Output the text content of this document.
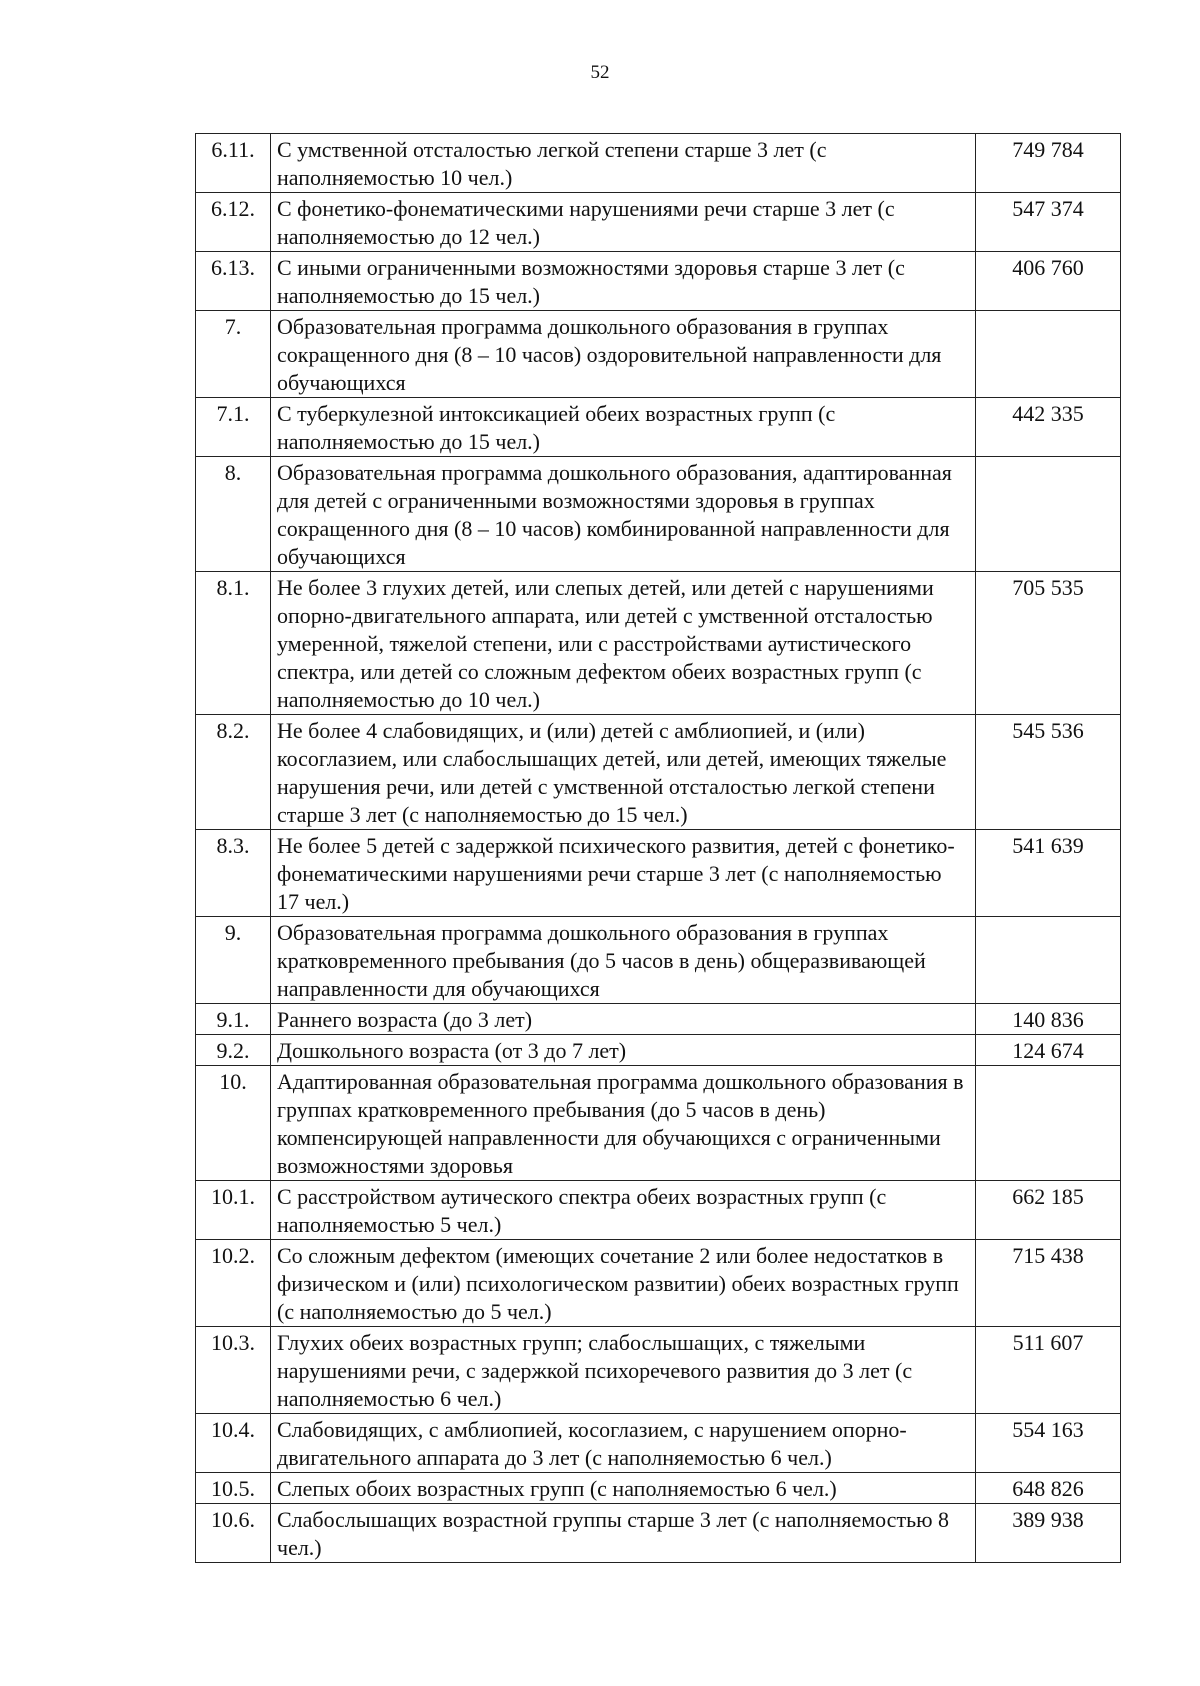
52
6.11.	С умственной отсталостью легкой степени старше 3 лет (с наполняемостью 10 чел.)	749 784
6.12.	С фонетико-фонематическими нарушениями речи старше 3 лет (с наполняемостью до 12 чел.)	547 374
6.13.	С иными ограниченными возможностями здоровья старше 3 лет (с наполняемостью до 15 чел.)	406 760
7.	Образовательная программа дошкольного образования в группах сокращенного дня (8 – 10 часов) оздоровительной направленности для обучающихся	
7.1.	С туберкулезной интоксикацией обеих возрастных групп (с наполняемостью до 15 чел.)	442 335
8.	Образовательная программа дошкольного образования, адаптированная для детей с ограниченными возможностями здоровья в группах сокращенного дня (8 – 10 часов) комбинированной направленности для обучающихся	
8.1.	Не более 3 глухих детей, или слепых детей, или детей с нарушениями опорно-двигательного аппарата, или детей с умственной отсталостью умеренной, тяжелой степени, или с расстройствами аутистического спектра, или детей со сложным дефектом обеих возрастных групп (с наполняемостью до 10 чел.)	705 535
8.2.	Не более 4 слабовидящих, и (или) детей с амблиопией, и (или) косоглазием, или слабослышащих детей, или детей, имеющих тяжелые нарушения речи, или детей с умственной отсталостью легкой степени старше 3 лет (с наполняемостью до 15 чел.)	545 536
8.3.	Не более 5 детей с задержкой психического развития, детей с фонетико-фонематическими нарушениями речи старше 3 лет (с наполняемостью 17 чел.)	541 639
9.	Образовательная программа дошкольного образования в группах кратковременного пребывания (до 5 часов в день) общеразвивающей направленности для обучающихся	
9.1.	Раннего возраста (до 3 лет)	140 836
9.2.	Дошкольного возраста (от 3 до 7 лет)	124 674
10.	Адаптированная образовательная программа дошкольного образования в группах кратковременного пребывания (до 5 часов в день) компенсирующей направленности для обучающихся с ограниченными возможностями здоровья	
10.1.	С расстройством аутического спектра обеих возрастных групп (с наполняемостью 5 чел.)	662 185
10.2.	Со сложным дефектом (имеющих сочетание 2 или более недостатков в физическом и (или) психологическом развитии) обеих возрастных групп (с наполняемостью до 5 чел.)	715 438
10.3.	Глухих обеих возрастных групп; слабослышащих, с тяжелыми нарушениями речи, с задержкой психоречевого развития до 3 лет (с наполняемостью 6 чел.)	511 607
10.4.	Слабовидящих, с амблиопией, косоглазием, с нарушением опорно-двигательного аппарата до 3 лет (с наполняемостью 6 чел.)	554 163
10.5.	Слепых обоих возрастных групп (с наполняемостью 6 чел.)	648 826
10.6.	Слабослышащих возрастной группы старше 3 лет (с наполняемостью 8 чел.)	389 938
